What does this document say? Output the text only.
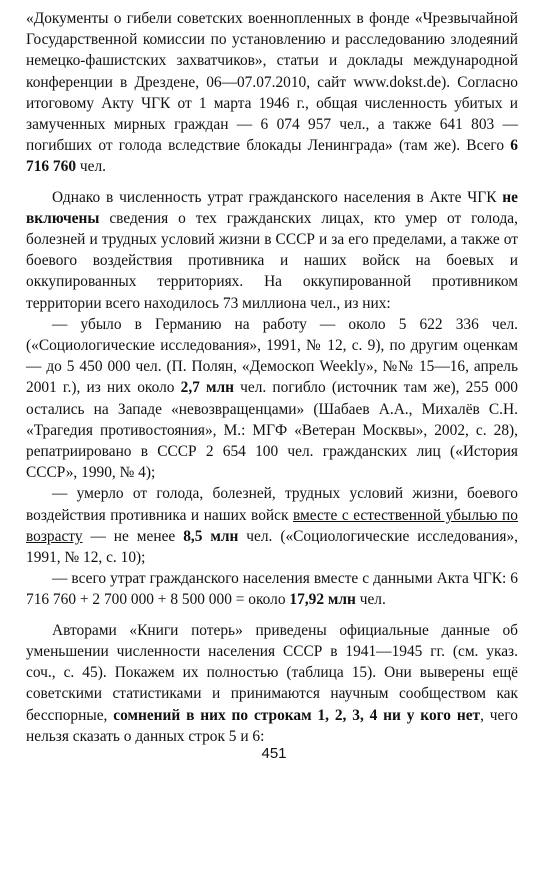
«Документы о гибели советских военнопленных в фонде «Чрезвычайной Государственной комиссии по установлению и расследованию злодеяний немецко-фашистских захватчиков», статьи и доклады международной конференции в Дрездене, 06—07.07.2010, сайт www.dokst.de). Согласно итоговому Акту ЧГК от 1 марта 1946 г., общая численность убитых и замученных мирных граждан — 6 074 957 чел., а также 641 803 — погибших от голода вследствие блокады Ленинграда» (там же). Всего 6 716 760 чел.

Однако в численность утрат гражданского населения в Акте ЧГК не включены сведения о тех гражданских лицах, кто умер от голода, болезней и трудных условий жизни в СССР и за его пределами, а также от боевого воздействия противника и наших войск на боевых и оккупированных территориях. На оккупированной противником территории всего находилось 73 миллиона чел., из них:

— убыло в Германию на работу — около 5 622 336 чел. («Социологические исследования», 1991, № 12, с. 9), по другим оценкам — до 5 450 000 чел. (П. Полян, «Демоскоп Weekly», №№ 15—16, апрель 2001 г.), из них около 2,7 млн чел. погибло (источник там же), 255 000 остались на Западе «невозвращенцами» (Шабаев А.А., Михалёв С.Н. «Трагедия противостояния», М.: МГФ «Ветеран Москвы», 2002, с. 28), репатриировано в СССР 2 654 100 чел. гражданских лиц («История СССР», 1990, № 4);

— умерло от голода, болезней, трудных условий жизни, боевого воздействия противника и наших войск вместе с естественной убылью по возрасту — не менее 8,5 млн чел. («Социологические исследования», 1991, № 12, с. 10);

— всего утрат гражданского населения вместе с данными Акта ЧГК: 6 716 760 + 2 700 000 + 8 500 000 = около 17,92 млн чел.

Авторами «Книги потерь» приведены официальные данные об уменьшении численности населения СССР в 1941—1945 гг. (см. указ. соч., с. 45). Покажем их полностью (таблица 15). Они выверены ещё советскими статистиками и принимаются научным сообществом как бесспорные, сомнений в них по строкам 1, 2, 3, 4 ни у кого нет, чего нельзя сказать о данных строк 5 и 6:

451
